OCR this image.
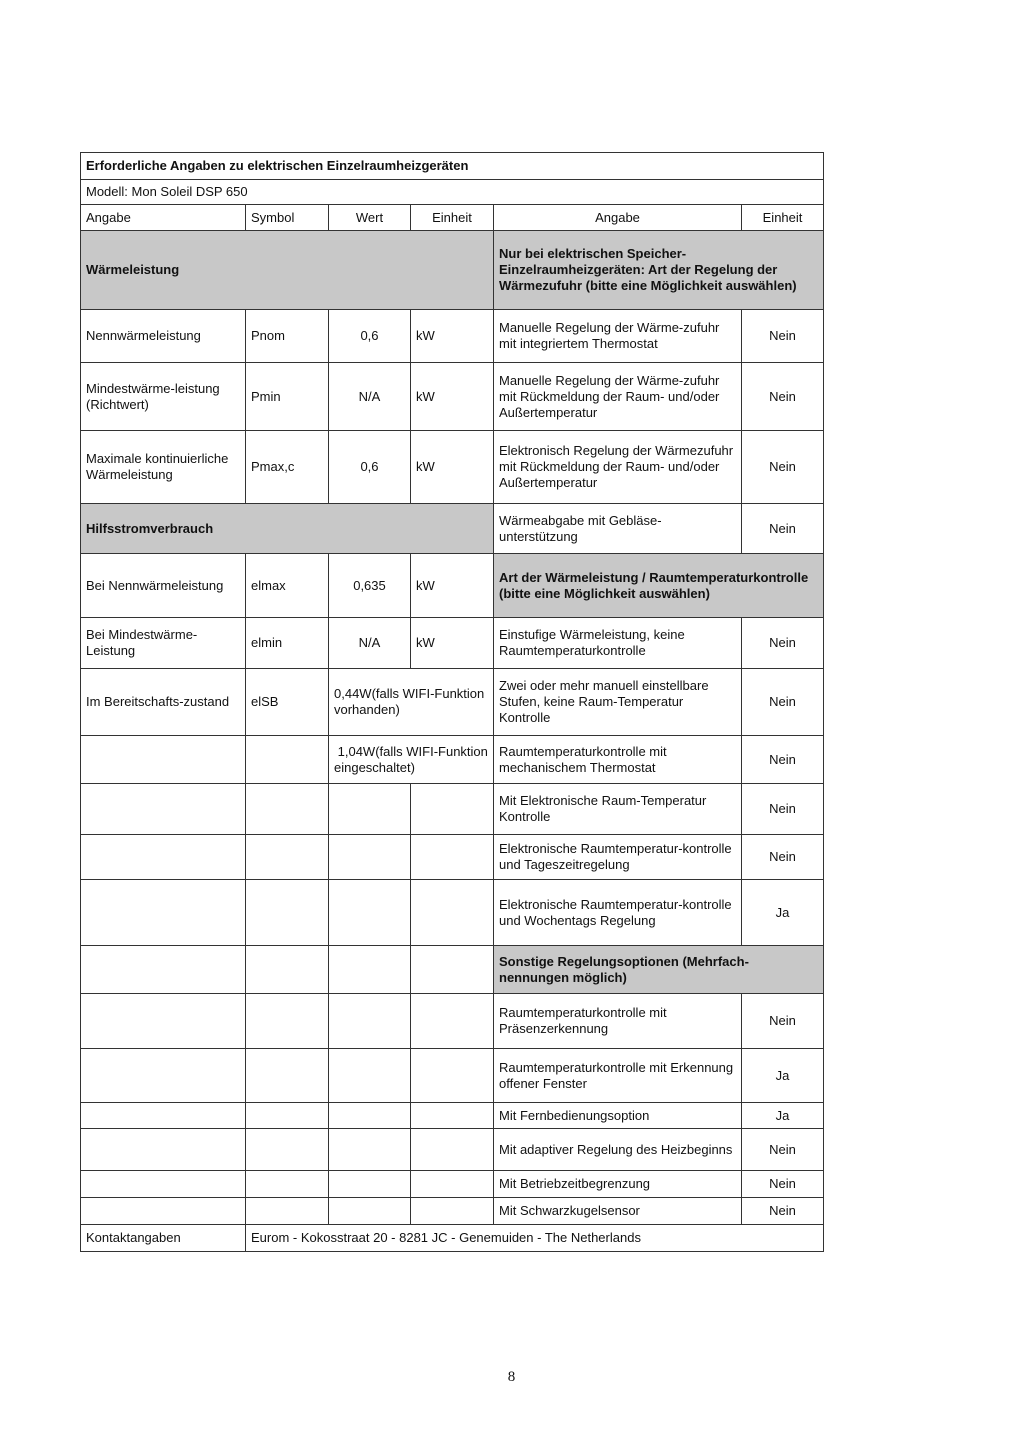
Erforderliche Angaben zu elektrischen Einzelraumheizgeräten					
Modell: Mon Soleil DSP 650					
Angabe	Symbol	Wert	Einheit	Angabe	Einheit
Wärmeleistung				Nur bei elektrischen Speicher-Einzelraumheizgeräten: Art der Regelung der Wärmezufuhr (bitte eine Möglichkeit auswählen)	
Nennwärmeleistung	Pnom	0,6	kW	Manuelle Regelung der Wärme-zufuhr mit integriertem Thermostat	Nein
Mindestwärme-leistung (Richtwert)	Pmin	N/A	kW	Manuelle Regelung der Wärme-zufuhr mit Rückmeldung der Raum- und/oder Außertemperatur	Nein
Maximale kontinuierliche Wärmeleistung	Pmax,c	0,6	kW	Elektronisch Regelung der Wärmezufuhr mit Rückmeldung der Raum- und/oder Außertemperatur	Nein
Hilfsstromverbrauch				Wärmeabgabe mit Gebläse-unterstützung	Nein
Bei Nennwärmeleistung	elmax	0,635	kW	Art der Wärmeleistung / Raumtemperaturkontrolle (bitte eine Möglichkeit auswählen)	
Bei Mindestwärme-Leistung	elmin	N/A	kW	Einstufige Wärmeleistung, keine Raumtemperaturkontrolle	Nein
Im Bereitschafts-zustand	elSB	0,44W(falls WIFI-Funktion vorhanden)		Zwei oder mehr manuell einstellbare Stufen, keine Raum-Temperatur Kontrolle	Nein
		1,04W(falls WIFI-Funktion eingeschaltet)		Raumtemperaturkontrolle mit mechanischem Thermostat	Nein
				Mit Elektronische Raum-Temperatur Kontrolle	Nein
				Elektronische Raumtemperatur-kontrolle und Tageszeitregelung	Nein
				Elektronische Raumtemperatur-kontrolle und Wochentags Regelung	Ja
				Sonstige Regelungsoptionen (Mehrfach-nennungen möglich)	
				Raumtemperaturkontrolle mit Präsenzerkennung	Nein
				Raumtemperaturkontrolle mit Erkennung offener Fenster	Ja
				Mit Fernbedienungsoption	Ja
				Mit adaptiver Regelung des Heizbeginns	Nein
				Mit Betriebzeitbegrenzung	Nein
				Mit Schwarzkugelsensor	Nein
Kontaktangaben	Eurom - Kokosstraat 20 - 8281 JC - Genemuiden - The Netherlands				
8
